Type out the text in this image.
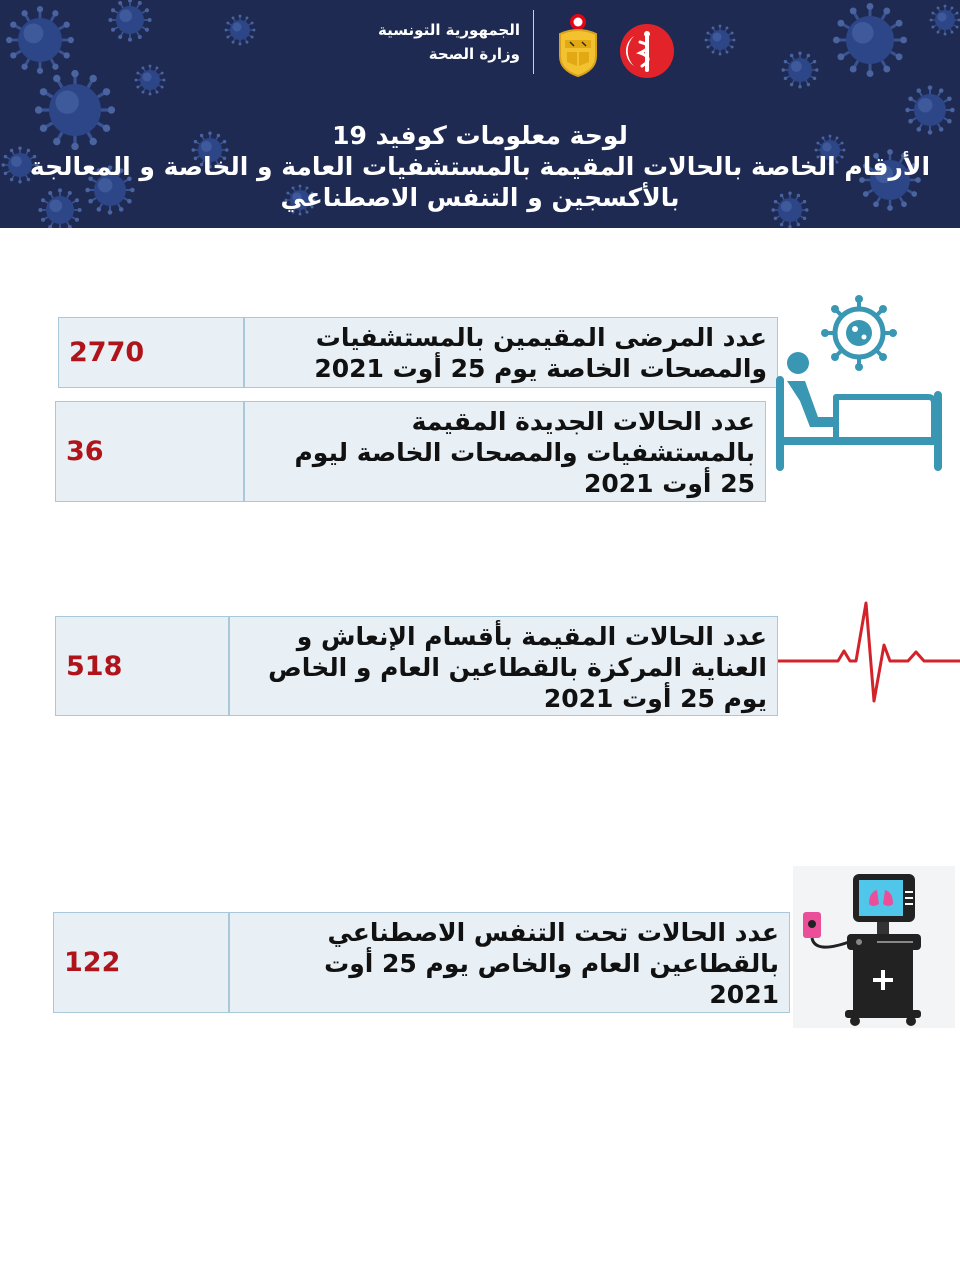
الجمهورية التونسية
وزارة الصحة
لوحة معلومات كوفيد 19
الأرقام الخاصة بالحالات المقيمة بالمستشفيات العامة و الخاصة و المعالجة
بالأكسجين و التنفس الاصطناعي
2770	عدد المرضى المقيمين بالمستشفيات
والمصحات الخاصة يوم 25 أوت 2021
36
عدد الحالات الجديدة المقيمة
بالمستشفيات والمصحات الخاصة ليوم
25 أوت 2021
518
عدد الحالات المقيمة بأقسام الإنعاش و
العناية المركزة بالقطاعين العام و الخاص
يوم 25 أوت 2021
122
عدد الحالات تحت التنفس الاصطناعي
بالقطاعين العام والخاص يوم 25 أوت
2021
